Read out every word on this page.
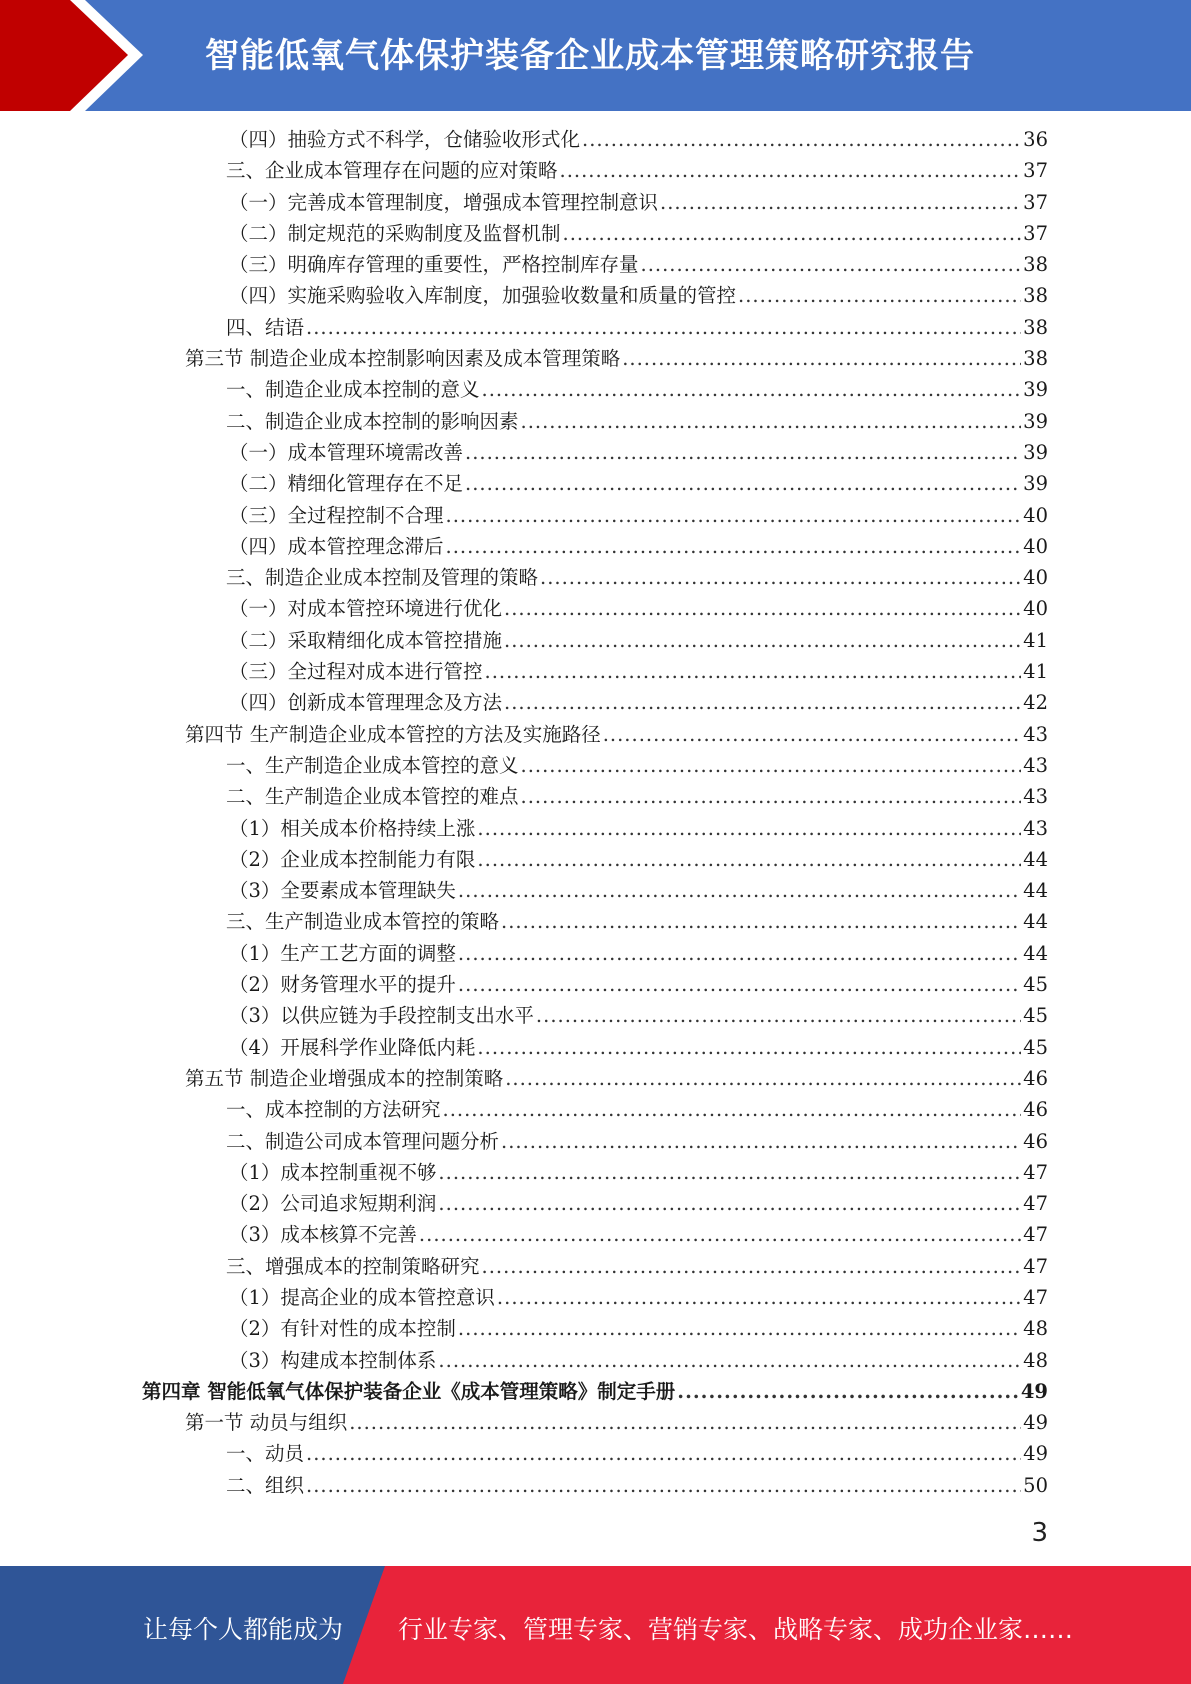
智能低氧气体保护装备企业成本管理策略研究报告
（四）抽验方式不科学，仓储验收形式化 .....	36
三、企业成本管理存在问题的应对策略 .....	37
（一）完善成本管理制度，增强成本管理控制意识 .....	37
（二）制定规范的采购制度及监督机制 .....	37
（三）明确库存管理的重要性，严格控制库存量 .....	38
（四）实施采购验收入库制度，加强验收数量和质量的管控 .....	38
四、结语 .....	38
第三节 制造企业成本控制影响因素及成本管理策略 .....	38
一、制造企业成本控制的意义 .....	39
二、制造企业成本控制的影响因素 .....	39
（一）成本管理环境需改善 .....	39
（二）精细化管理存在不足 .....	39
（三）全过程控制不合理 .....	40
（四）成本管控理念滞后 .....	40
三、制造企业成本控制及管理的策略 .....	40
（一）对成本管控环境进行优化 .....	40
（二）采取精细化成本管控措施 .....	41
（三）全过程对成本进行管控 .....	41
（四）创新成本管理理念及方法 .....	42
第四节 生产制造企业成本管控的方法及实施路径 .....	43
一、生产制造企业成本管控的意义 .....	43
二、生产制造企业成本管控的难点 .....	43
（1）相关成本价格持续上涨 .....	43
（2）企业成本控制能力有限 .....	44
（3）全要素成本管理缺失 .....	44
三、生产制造业成本管控的策略 .....	44
（1）生产工艺方面的调整 .....	44
（2）财务管理水平的提升 .....	45
（3）以供应链为手段控制支出水平 .....	45
（4）开展科学作业降低内耗 .....	45
第五节 制造企业增强成本的控制策略 .....	46
一、成本控制的方法研究 .....	46
二、制造公司成本管理问题分析 .....	46
（1）成本控制重视不够 .....	47
（2）公司追求短期利润 .....	47
（3）成本核算不完善 .....	47
三、增强成本的控制策略研究 .....	47
（1）提高企业的成本管控意识 .....	47
（2）有针对性的成本控制 .....	48
（3）构建成本控制体系 .....	48
第四章 智能低氧气体保护装备企业《成本管理策略》制定手册 .....	49
第一节 动员与组织 .....	49
一、动员 .....	49
二、组织 .....	50
3
让每个人都能成为 行业专家、管理专家、营销专家、战略专家、成功企业家……
